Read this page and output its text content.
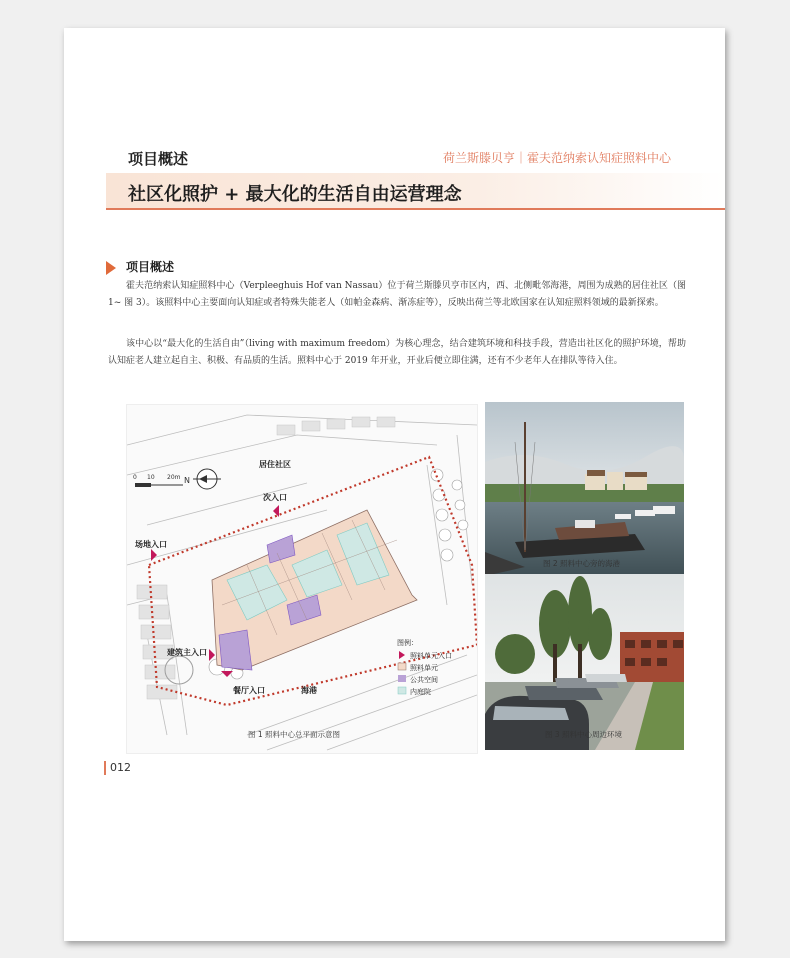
项目概述	荷兰斯滕贝亨｜霍夫范纳索认知症照料中心
社区化照护 + 最大化的生活自由运营理念
项目概述
霍夫范纳索认知症照料中心（Verpleeghuis Hof van Nassau）位于荷兰斯滕贝亨市区内，西、北侧毗邻海港，周围为成熟的居住社区（图 1~ 图 3）。该照料中心主要面向认知症或者特殊失能老人（如帕金森病、渐冻症等），反映出荷兰等北欧国家在认知症照料领域的最新探索。
该中心以“最大化的生活自由”（living with maximum freedom）为核心理念，结合建筑环境和科技手段，营造出社区化的照护环境，帮助认知症老人建立起自主、积极、有品质的生活。照料中心于 2019 年开业，开业后便立即住满，还有不少老年人在排队等待入住。
N
0 10 20m
居住社区
次入口
场地入口
建筑主入口
餐厅入口	海港
图例：
照料单元入口
照料单元
公共空间
内庭院
图 1 照料中心总平面示意图
图 2 照料中心旁的海港
图 3 照料中心周边环境
012
